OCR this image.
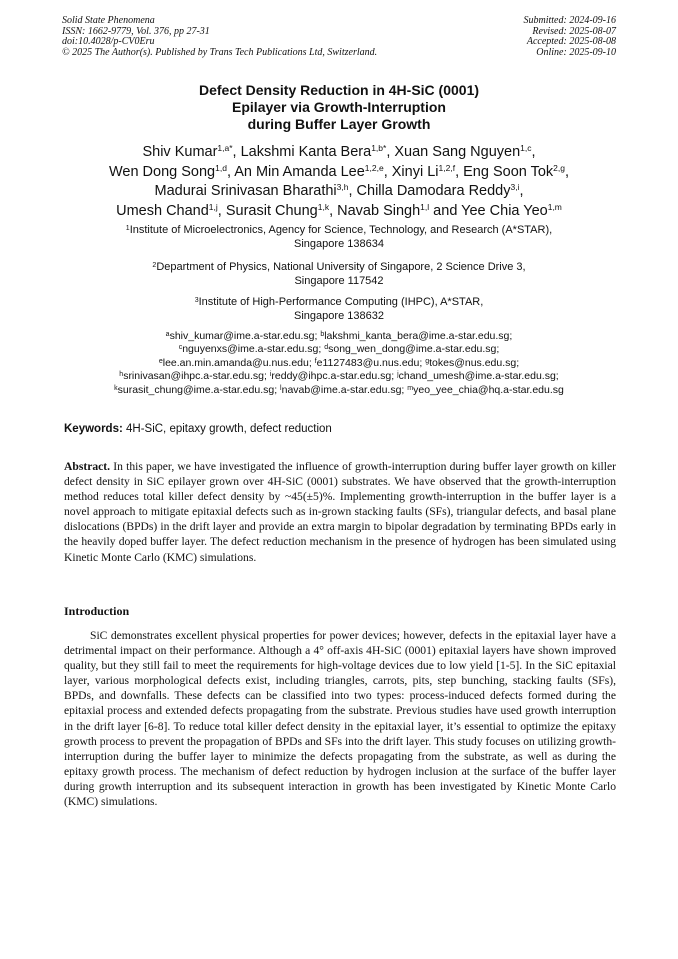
Solid State Phenomena
ISSN: 1662-9779, Vol. 376, pp 27-31
doi:10.4028/p-CV0Eru
© 2025 The Author(s). Published by Trans Tech Publications Ltd, Switzerland.
Submitted: 2024-09-16
Revised: 2025-08-07
Accepted: 2025-08-08
Online: 2025-09-10
Defect Density Reduction in 4H-SiC (0001)
Epilayer via Growth-Interruption
during Buffer Layer Growth
Shiv Kumar$^{1,a*}$, Lakshmi Kanta Bera$^{1,b*}$, Xuan Sang Nguyen$^{1,c}$,
Wen Dong Song$^{1,d}$, An Min Amanda Lee$^{1,2,e}$, Xinyi Li$^{1,2,f}$, Eng Soon Tok$^{2,g}$,
Madurai Srinivasan Bharathi$^{3,h}$, Chilla Damodara Reddy$^{3,i}$,
Umesh Chand$^{1,j}$, Surasit Chung$^{1,k}$, Navab Singh$^{1,l}$ and Yee Chia Yeo$^{1,m}$
$^1$Institute of Microelectronics, Agency for Science, Technology, and Research (A*STAR),
Singapore 138634
$^2$Department of Physics, National University of Singapore, 2 Science Drive 3,
Singapore 117542
$^3$Institute of High-Performance Computing (IHPC), A*STAR,
Singapore 138632
$^a$shiv_kumar@ime.a-star.edu.sg; $^b$lakshmi_kanta_bera@ime.a-star.edu.sg;
$^c$nguyenxs@ime.a-star.edu.sg; $^d$song_wen_dong@ime.a-star.edu.sg;
$^e$lee.an.min.amanda@u.nus.edu; $^f$e1127483@u.nus.edu; $^g$tokes@nus.edu.sg;
$^h$srinivasan@ihpc.a-star.edu.sg; $^i$reddy@ihpc.a-star.edu.sg; $^j$chand_umesh@ime.a-star.edu.sg;
$^k$surasit_chung@ime.a-star.edu.sg; $^l$navab@ime.a-star.edu.sg; $^m$yeo_yee_chia@hq.a-star.edu.sg
Keywords: 4H-SiC, epitaxy growth, defect reduction
Abstract. In this paper, we have investigated the influence of growth-interruption during buffer layer growth on killer defect density in SiC epilayer grown over 4H-SiC (0001) substrates. We have observed that the growth-interruption method reduces total killer defect density by ~45(±5)%. Implementing growth-interruption in the buffer layer is a novel approach to mitigate epitaxial defects such as in-grown stacking faults (SFs), triangular defects, and basal plane dislocations (BPDs) in the drift layer and provide an extra margin to bipolar degradation by terminating BPDs early in the heavily doped buffer layer. The defect reduction mechanism in the presence of hydrogen has been simulated using Kinetic Monte Carlo (KMC) simulations.
Introduction
SiC demonstrates excellent physical properties for power devices; however, defects in the epitaxial layer have a detrimental impact on their performance. Although a 4° off-axis 4H-SiC (0001) epitaxial layers have shown improved quality, but they still fail to meet the requirements for high-voltage devices due to low yield [1-5]. In the SiC epitaxial layer, various morphological defects exist, including triangles, carrots, pits, step bunching, stacking faults (SFs), BPDs, and downfalls. These defects can be classified into two types: process-induced defects formed during the epitaxial process and extended defects propagating from the substrate. Previous studies have used growth interruption in the drift layer [6-8]. To reduce total killer defect density in the epitaxial layer, it’s essential to optimize the epitaxy growth process to prevent the propagation of BPDs and SFs into the drift layer. This study focuses on utilizing growth-interruption during the buffer layer to minimize the defects propagating from the substrate, as well as during the epitaxy growth process. The mechanism of defect reduction by hydrogen inclusion at the surface of the buffer layer during growth interruption and its subsequent interaction in growth has been investigated by Kinetic Monte Carlo (KMC) simulations.
